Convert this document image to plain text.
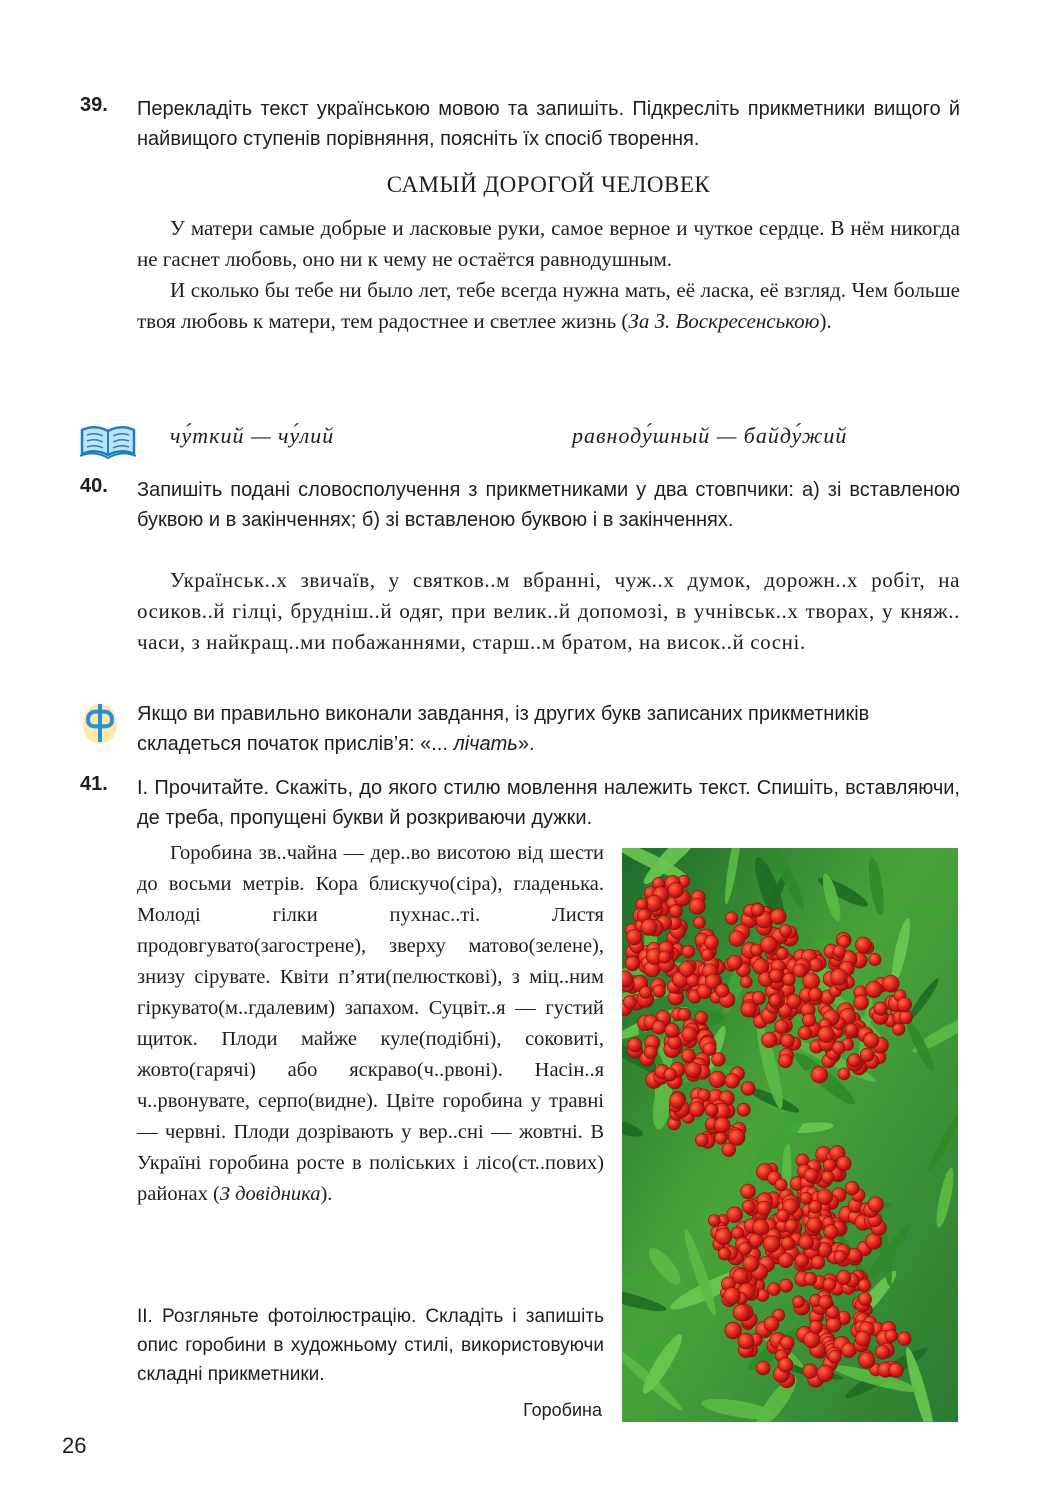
39. Перекладіть текст українською мовою та запишіть. Підкресліть прикметники вищого й найвищого ступенів порівняння, поясніть їх спосіб творення.
САМЫЙ ДОРОГОЙ ЧЕЛОВЕК

У матери самые добрые и ласковые руки, самое верное и чуткое сердце. В нём никогда не гаснет любовь, оно ни к чему не остаётся равнодушным.

И сколько бы тебе ни было лет, тебе всегда нужна мать, её ласка, её взгляд. Чем больше твоя любовь к матери, тем радостнее и светлее жизнь (За З. Воскресенською).

чу́ткий — чу́лий	равноду́шный — байду́жий
40. Запишіть подані словосполучення з прикметниками у два стовпчики: а) зі вставленою буквою и в закінченнях; б) зі вставленою буквою і в закінченнях.

Українськ..х звичаїв, у святков..м вбранні, чуж..х думок, дорожн..х робіт, на осиков..й гілці, брудніш..й одяг, при велик..й допомозі, в учнівськ..х творах, у княж.. часи, з найкращ..ми побажаннями, старш..м братом, на висок..й сосні.

Якщо ви правильно виконали завдання, із других букв записаних прикметників складеться початок прислів’я: «... лічать».
41. І. Прочитайте. Скажіть, до якого стилю мовлення належить текст. Спишіть, вставляючи, де треба, пропущені букви й розкриваючи дужки.

Горобина зв..чайна — дер..во висотою від шести до восьми метрів. Кора блискучо(сіра), гладенька. Молоді гілки пухнас..ті. Листя продовгувато(загострене), зверху матово(зелене), знизу сірувате. Квіти п’яти(пелюсткові), з міц..ним гіркувато(м..гдалевим) запахом. Суцвіт..я — густий щиток. Плоди майже куле(подібні), соковиті, жовто(гарячі) або яскраво(ч..рвоні). Насін..я ч..рвонувате, серпо(видне). Цвіте горобина у травні — червні. Плоди дозрівають у вер..сні — жовтні. В Україні горобина росте в поліських і лісо(ст..пових) районах (З довідника).

ІІ. Розгляньте фотоілюстрацію. Складіть і запишіть опис горобини в художньому стилі, використовуючи складні прикметники.
Горобина
26
